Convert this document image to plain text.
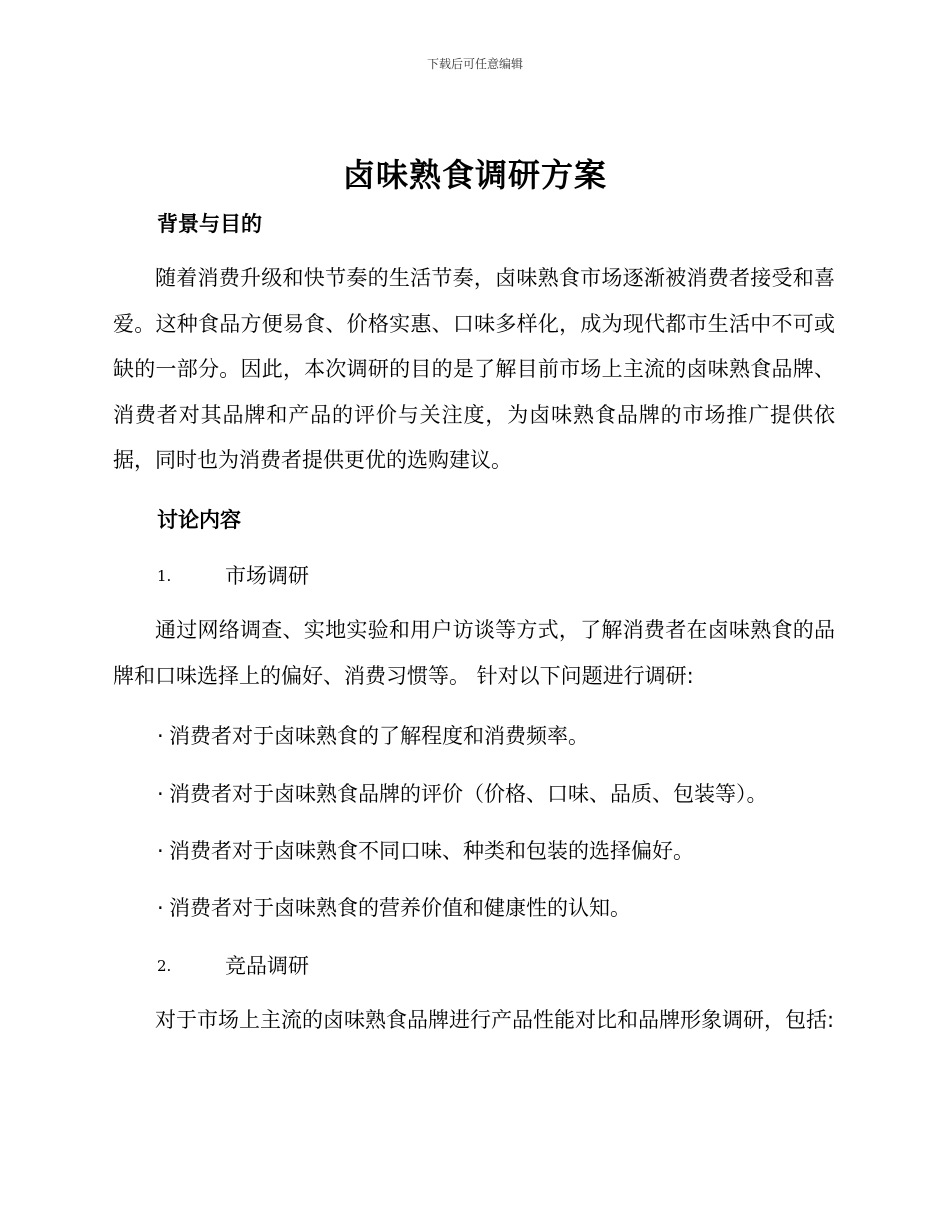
下载后可任意编辑
卤味熟食调研方案
背景与目的
随着消费升级和快节奏的生活节奏，卤味熟食市场逐渐被消费者接受和喜爱。这种食品方便易食、价格实惠、口味多样化，成为现代都市生活中不可或缺的一部分。因此，本次调研的目的是了解目前市场上主流的卤味熟食品牌、消费者对其品牌和产品的评价与关注度，为卤味熟食品牌的市场推广提供依据，同时也为消费者提供更优的选购建议。
讨论内容
1.	市场调研
通过网络调查、实地实验和用户访谈等方式，了解消费者在卤味熟食的品牌和口味选择上的偏好、消费习惯等。 针对以下问题进行调研:
· 消费者对于卤味熟食的了解程度和消费频率。
· 消费者对于卤味熟食品牌的评价（价格、口味、品质、包装等）。
· 消费者对于卤味熟食不同口味、种类和包装的选择偏好。
· 消费者对于卤味熟食的营养价值和健康性的认知。
2.	竞品调研
对于市场上主流的卤味熟食品牌进行产品性能对比和品牌形象调研，包括:
